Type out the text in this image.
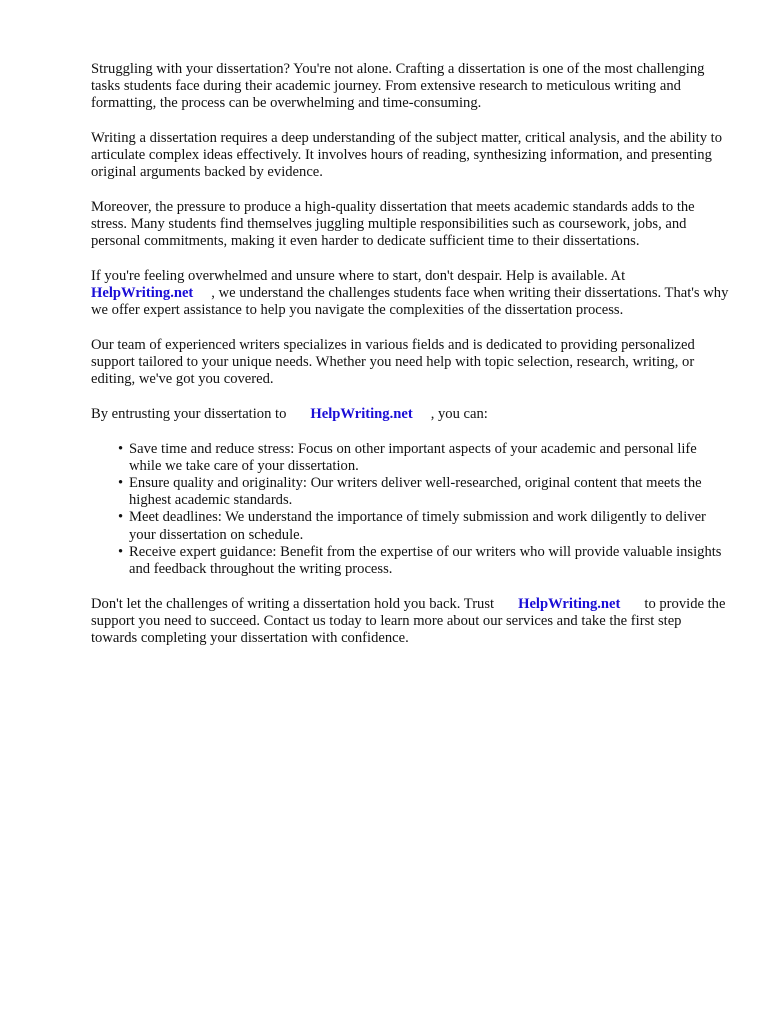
Struggling with your dissertation? You're not alone. Crafting a dissertation is one of the most challenging tasks students face during their academic journey. From extensive research to meticulous writing and formatting, the process can be overwhelming and time-consuming.

Writing a dissertation requires a deep understanding of the subject matter, critical analysis, and the ability to articulate complex ideas effectively. It involves hours of reading, synthesizing information, and presenting original arguments backed by evidence.

Moreover, the pressure to produce a high-quality dissertation that meets academic standards adds to the stress. Many students find themselves juggling multiple responsibilities such as coursework, jobs, and personal commitments, making it even harder to dedicate sufficient time to their dissertations.

If you're feeling overwhelmed and unsure where to start, don't despair. Help is available. At
HelpWriting.net , we understand the challenges students face when writing their dissertations. That's why we offer expert assistance to help you navigate the complexities of the dissertation process.

Our team of experienced writers specializes in various fields and is dedicated to providing personalized support tailored to your unique needs. Whether you need help with topic selection, research, writing, or editing, we've got you covered.

By entrusting your dissertation to HelpWriting.net , you can:

• Save time and reduce stress: Focus on other important aspects of your academic and personal life while we take care of your dissertation.
• Ensure quality and originality: Our writers deliver well-researched, original content that meets the highest academic standards.
• Meet deadlines: We understand the importance of timely submission and work diligently to deliver your dissertation on schedule.
• Receive expert guidance: Benefit from the expertise of our writers who will provide valuable insights and feedback throughout the writing process.

Don't let the challenges of writing a dissertation hold you back. Trust HelpWriting.net to provide the support you need to succeed. Contact us today to learn more about our services and take the first step towards completing your dissertation with confidence.
